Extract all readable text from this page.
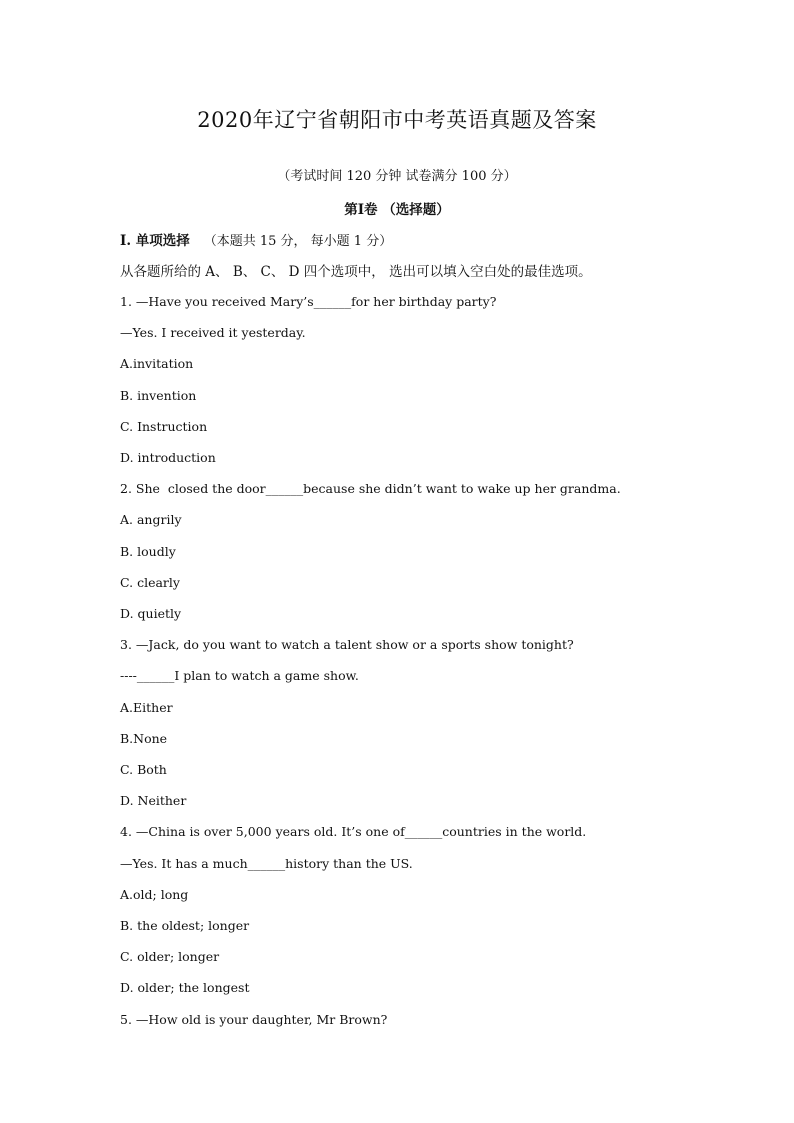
2020年辽宁省朝阳市中考英语真题及答案
（考试时间 120 分钟 试卷满分 100 分）
第Ⅰ卷 （选择题）
Ⅰ. 单项选择 （本题共 15 分， 每小题 1 分）
从各题所给的 A、 B、 C、 D 四个选项中， 选出可以填入空白处的最佳选项。
1. —Have you received Mary’s______for her birthday party?
—Yes. I received it yesterday.
A.invitation
B. invention
C. Instruction
D. introduction
2. She  closed the door______because she didn’t want to wake up her grandma.
A. angrily
B. loudly
C. clearly
D. quietly
3. —Jack, do you want to watch a talent show or a sports show tonight?
----______I plan to watch a game show.
A.Either
B.None
C. Both
D. Neither
4. —China is over 5,000 years old. It’s one of______countries in the world.
—Yes. It has a much______history than the US.
A.old; long
B. the oldest; longer
C. older; longer
D. older; the longest
5. —How old is your daughter, Mr Brown?
